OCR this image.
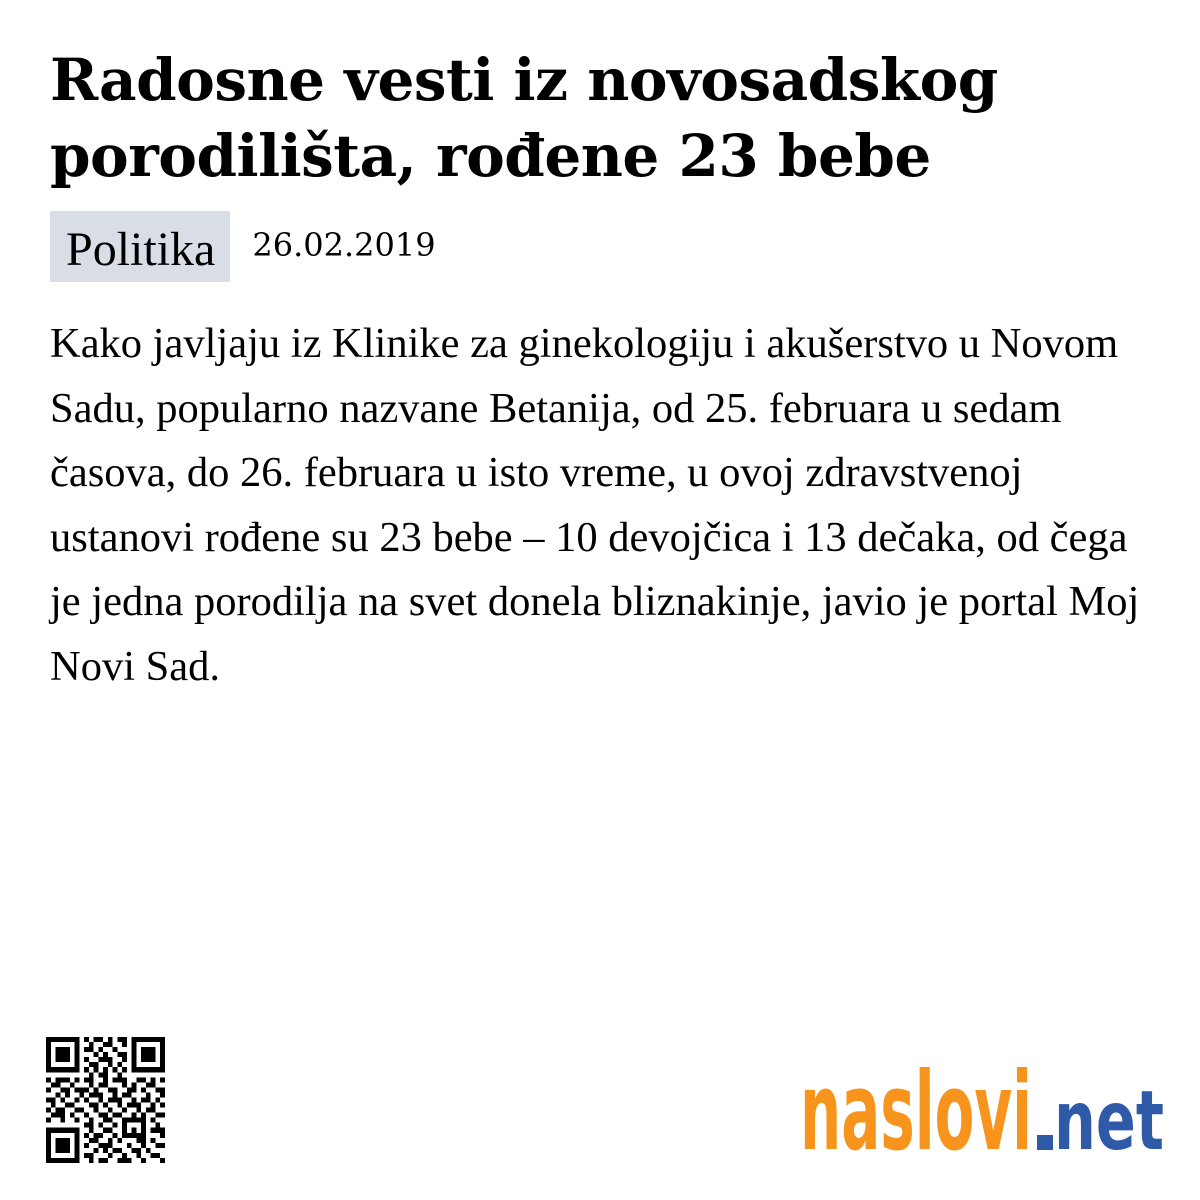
Radosne vesti iz novosadskog porodilišta, rođene 23 bebe
Politika	26.02.2019

Kako javljaju iz Klinike za ginekologiju i akušerstvo u Novom Sadu, popularno nazvane Betanija, od 25. februara u sedam časova, do 26. februara u isto vreme, u ovoj zdravstvenoj ustanovi rođene su 23 bebe – 10 devojčica i 13 dečaka, od čega je jedna porodilja na svet donela bliznakinje, javio je portal Moj Novi Sad.

naslovi net
